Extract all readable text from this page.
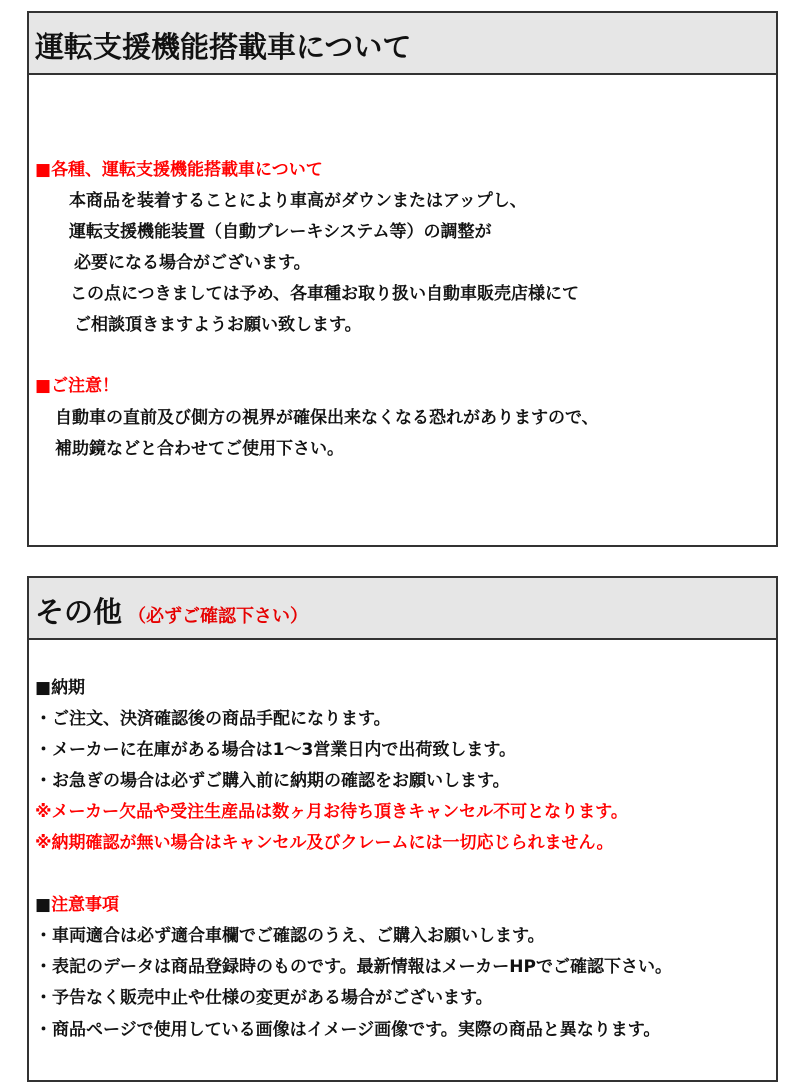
運転支援機能搭載車について
■各種、運転支援機能搭載車について
本商品を装着することにより車高がダウンまたはアップし、
運転支援機能装置（自動ブレーキシステム等）の調整が
必要になる場合がございます。
この点につきましては予め、各車種お取り扱い自動車販売店様にて
ご相談頂きますようお願い致します。
■ご注意！
自動車の直前及び側方の視界が確保出来なくなる恐れがありますので、
補助鏡などと合わせてご使用下さい。
その他 （必ずご確認下さい）
■納期
・ご注文、決済確認後の商品手配になります。
・メーカーに在庫がある場合は1～3営業日内で出荷致します。
・お急ぎの場合は必ずご購入前に納期の確認をお願いします。
※メーカー欠品や受注生産品は数ヶ月お待ち頂きキャンセル不可となります。
※納期確認が無い場合はキャンセル及びクレームには一切応じられません。
■注意事項
・車両適合は必ず適合車欄でご確認のうえ、ご購入お願いします。
・表記のデータは商品登録時のものです。最新情報はメーカーHPでご確認下さい。
・予告なく販売中止や仕様の変更がある場合がございます。
・商品ページで使用している画像はイメージ画像です。実際の商品と異なります。
